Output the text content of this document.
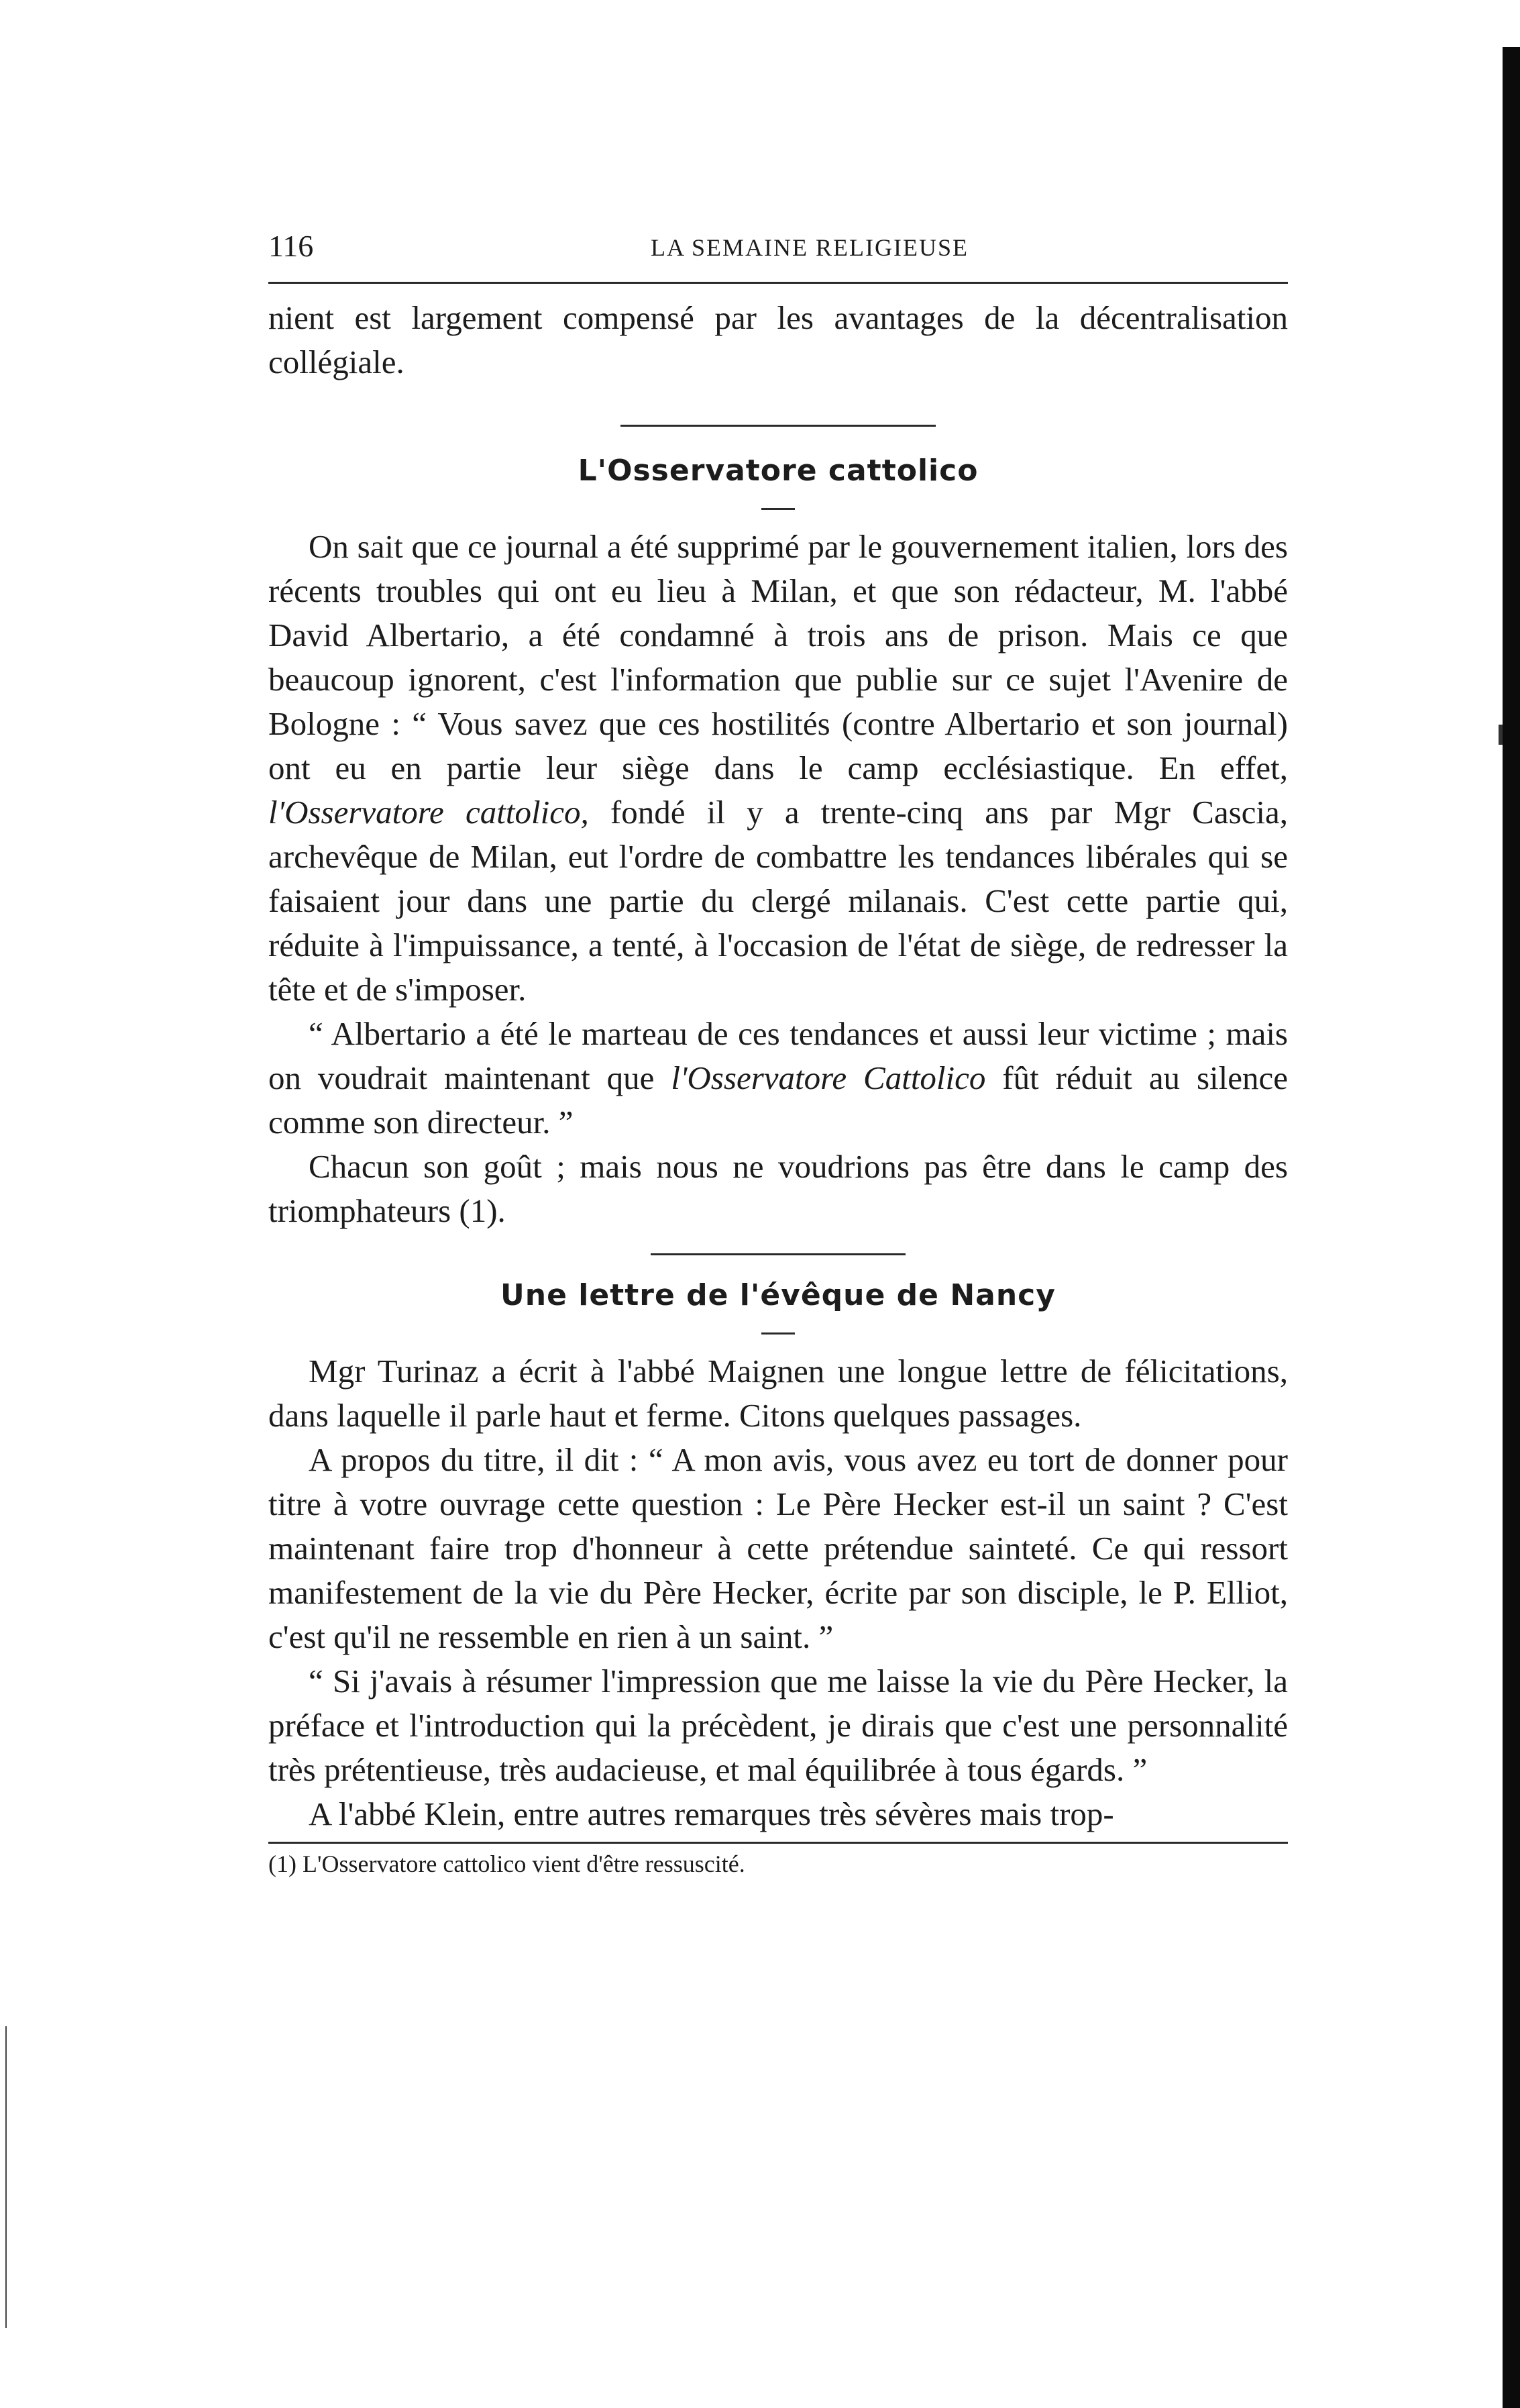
116	LA SEMAINE RELIGIEUSE

nient est largement compensé par les avantages de la décentralisation collégiale.

L'Osservatore cattolico

On sait que ce journal a été supprimé par le gouvernement italien, lors des récents troubles qui ont eu lieu à Milan, et que son rédacteur, M. l'abbé David Albertario, a été condamné à trois ans de prison. Mais ce que beaucoup ignorent, c'est l'information que publie sur ce sujet l'Avenire de Bologne : “ Vous savez que ces hostilités (contre Albertario et son journal) ont eu en partie leur siège dans le camp ecclésiastique. En effet, l'Osservatore cattolico, fondé il y a trente-cinq ans par Mgr Cascia, archevêque de Milan, eut l'ordre de combattre les tendances libérales qui se faisaient jour dans une partie du clergé milanais. C'est cette partie qui, réduite à l'impuissance, a tenté, à l'occasion de l'état de siège, de redresser la tête et de s'imposer.

“ Albertario a été le marteau de ces tendances et aussi leur victime ; mais on voudrait maintenant que l'Osservatore Cattolico fût réduit au silence comme son directeur. ”

Chacun son goût ; mais nous ne voudrions pas être dans le camp des triomphateurs (1).

Une lettre de l'évêque de Nancy

Mgr Turinaz a écrit à l'abbé Maignen une longue lettre de félicitations, dans laquelle il parle haut et ferme. Citons quelques passages.

A propos du titre, il dit : “ A mon avis, vous avez eu tort de donner pour titre à votre ouvrage cette question : Le Père Hecker est-il un saint ? C'est maintenant faire trop d'honneur à cette prétendue sainteté. Ce qui ressort manifestement de la vie du Père Hecker, écrite par son disciple, le P. Elliot, c'est qu'il ne ressemble en rien à un saint. ”

“ Si j'avais à résumer l'impression que me laisse la vie du Père Hecker, la préface et l'introduction qui la précèdent, je dirais que c'est une personnalité très prétentieuse, très audacieuse, et mal équilibrée à tous égards. ”

A l'abbé Klein, entre autres remarques très sévères mais trop-

(1) L'Osservatore cattolico vient d'être ressuscité.
